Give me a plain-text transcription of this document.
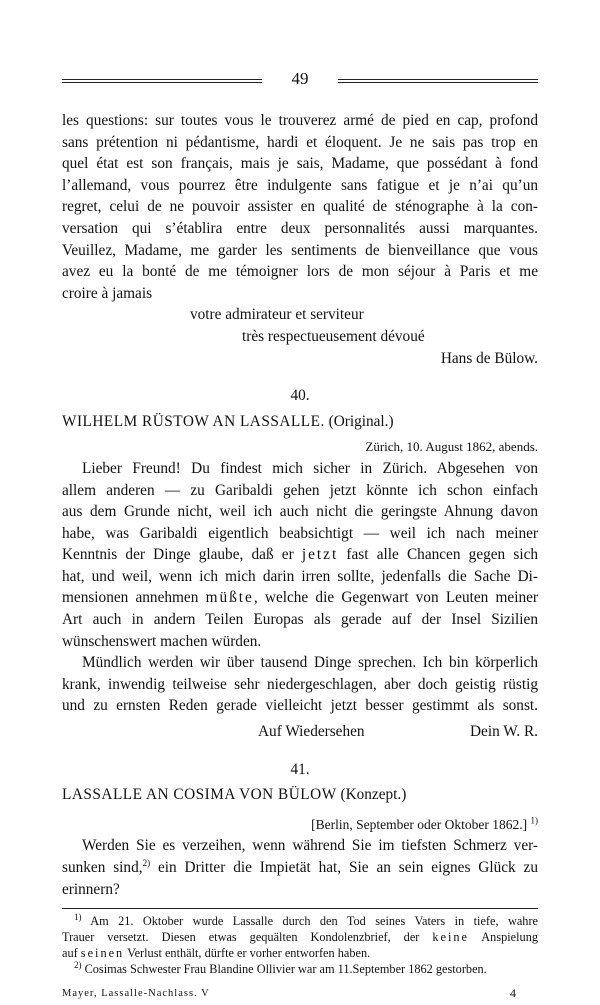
49
les questions: sur toutes vous le trouverez armé de pied en cap, profond
sans prétention ni pédantisme, hardi et éloquent. Je ne sais pas trop en
quel état est son français, mais je sais, Madame, que possédant à fond
l’allemand, vous pourrez être indulgente sans fatigue et je n’ai qu’un
regret, celui de ne pouvoir assister en qualité de sténographe à la con-
versation qui s’établira entre deux personnalités aussi marquantes.
Veuillez, Madame, me garder les sentiments de bienveillance que vous
avez eu la bonté de me témoigner lors de mon séjour à Paris et me
croire à jamais
votre admirateur et serviteur
très respectueusement dévoué
Hans de Bülow.
40.
WILHELM RÜSTOW AN LASSALLE. (Original.)
Zürich, 10. August 1862, abends.
Lieber Freund! Du findest mich sicher in Zürich. Abgesehen von
allem anderen — zu Garibaldi gehen jetzt könnte ich schon einfach
aus dem Grunde nicht, weil ich auch nicht die geringste Ahnung davon
habe, was Garibaldi eigentlich beabsichtigt — weil ich nach meiner
Kenntnis der Dinge glaube, daß er jetzt fast alle Chancen gegen sich
hat, und weil, wenn ich mich darin irren sollte, jedenfalls die Sache Di-
mensionen annehmen müßte, welche die Gegenwart von Leuten meiner
Art auch in andern Teilen Europas als gerade auf der Insel Sizilien
wünschenswert machen würden.
Mündlich werden wir über tausend Dinge sprechen. Ich bin körperlich
krank, inwendig teilweise sehr niedergeschlagen, aber doch geistig rüstig
und zu ernsten Reden gerade vielleicht jetzt besser gestimmt als sonst.
Auf Wiedersehen	Dein W. R.
41.
LASSALLE AN COSIMA VON BÜLOW (Konzept.)
[Berlin, September oder Oktober 1862.] $^{1)}$
Werden Sie es verzeihen, wenn während Sie im tiefsten Schmerz ver-
sunken sind,$^{2)}$ ein Dritter die Impietät hat, Sie an sein eignes Glück zu
erinnern?
$^{1)}$ Am 21. Oktober wurde Lassalle durch den Tod seines Vaters in tiefe, wahre
Trauer versetzt. Diesen etwas gequälten Kondolenzbrief, der keine Anspielung
auf seinen Verlust enthält, dürfte er vorher entworfen haben.
$^{2)}$ Cosimas Schwester Frau Blandine Ollivier war am 11.September 1862 gestorben.
Mayer, Lassalle-Nachlass. V	4
